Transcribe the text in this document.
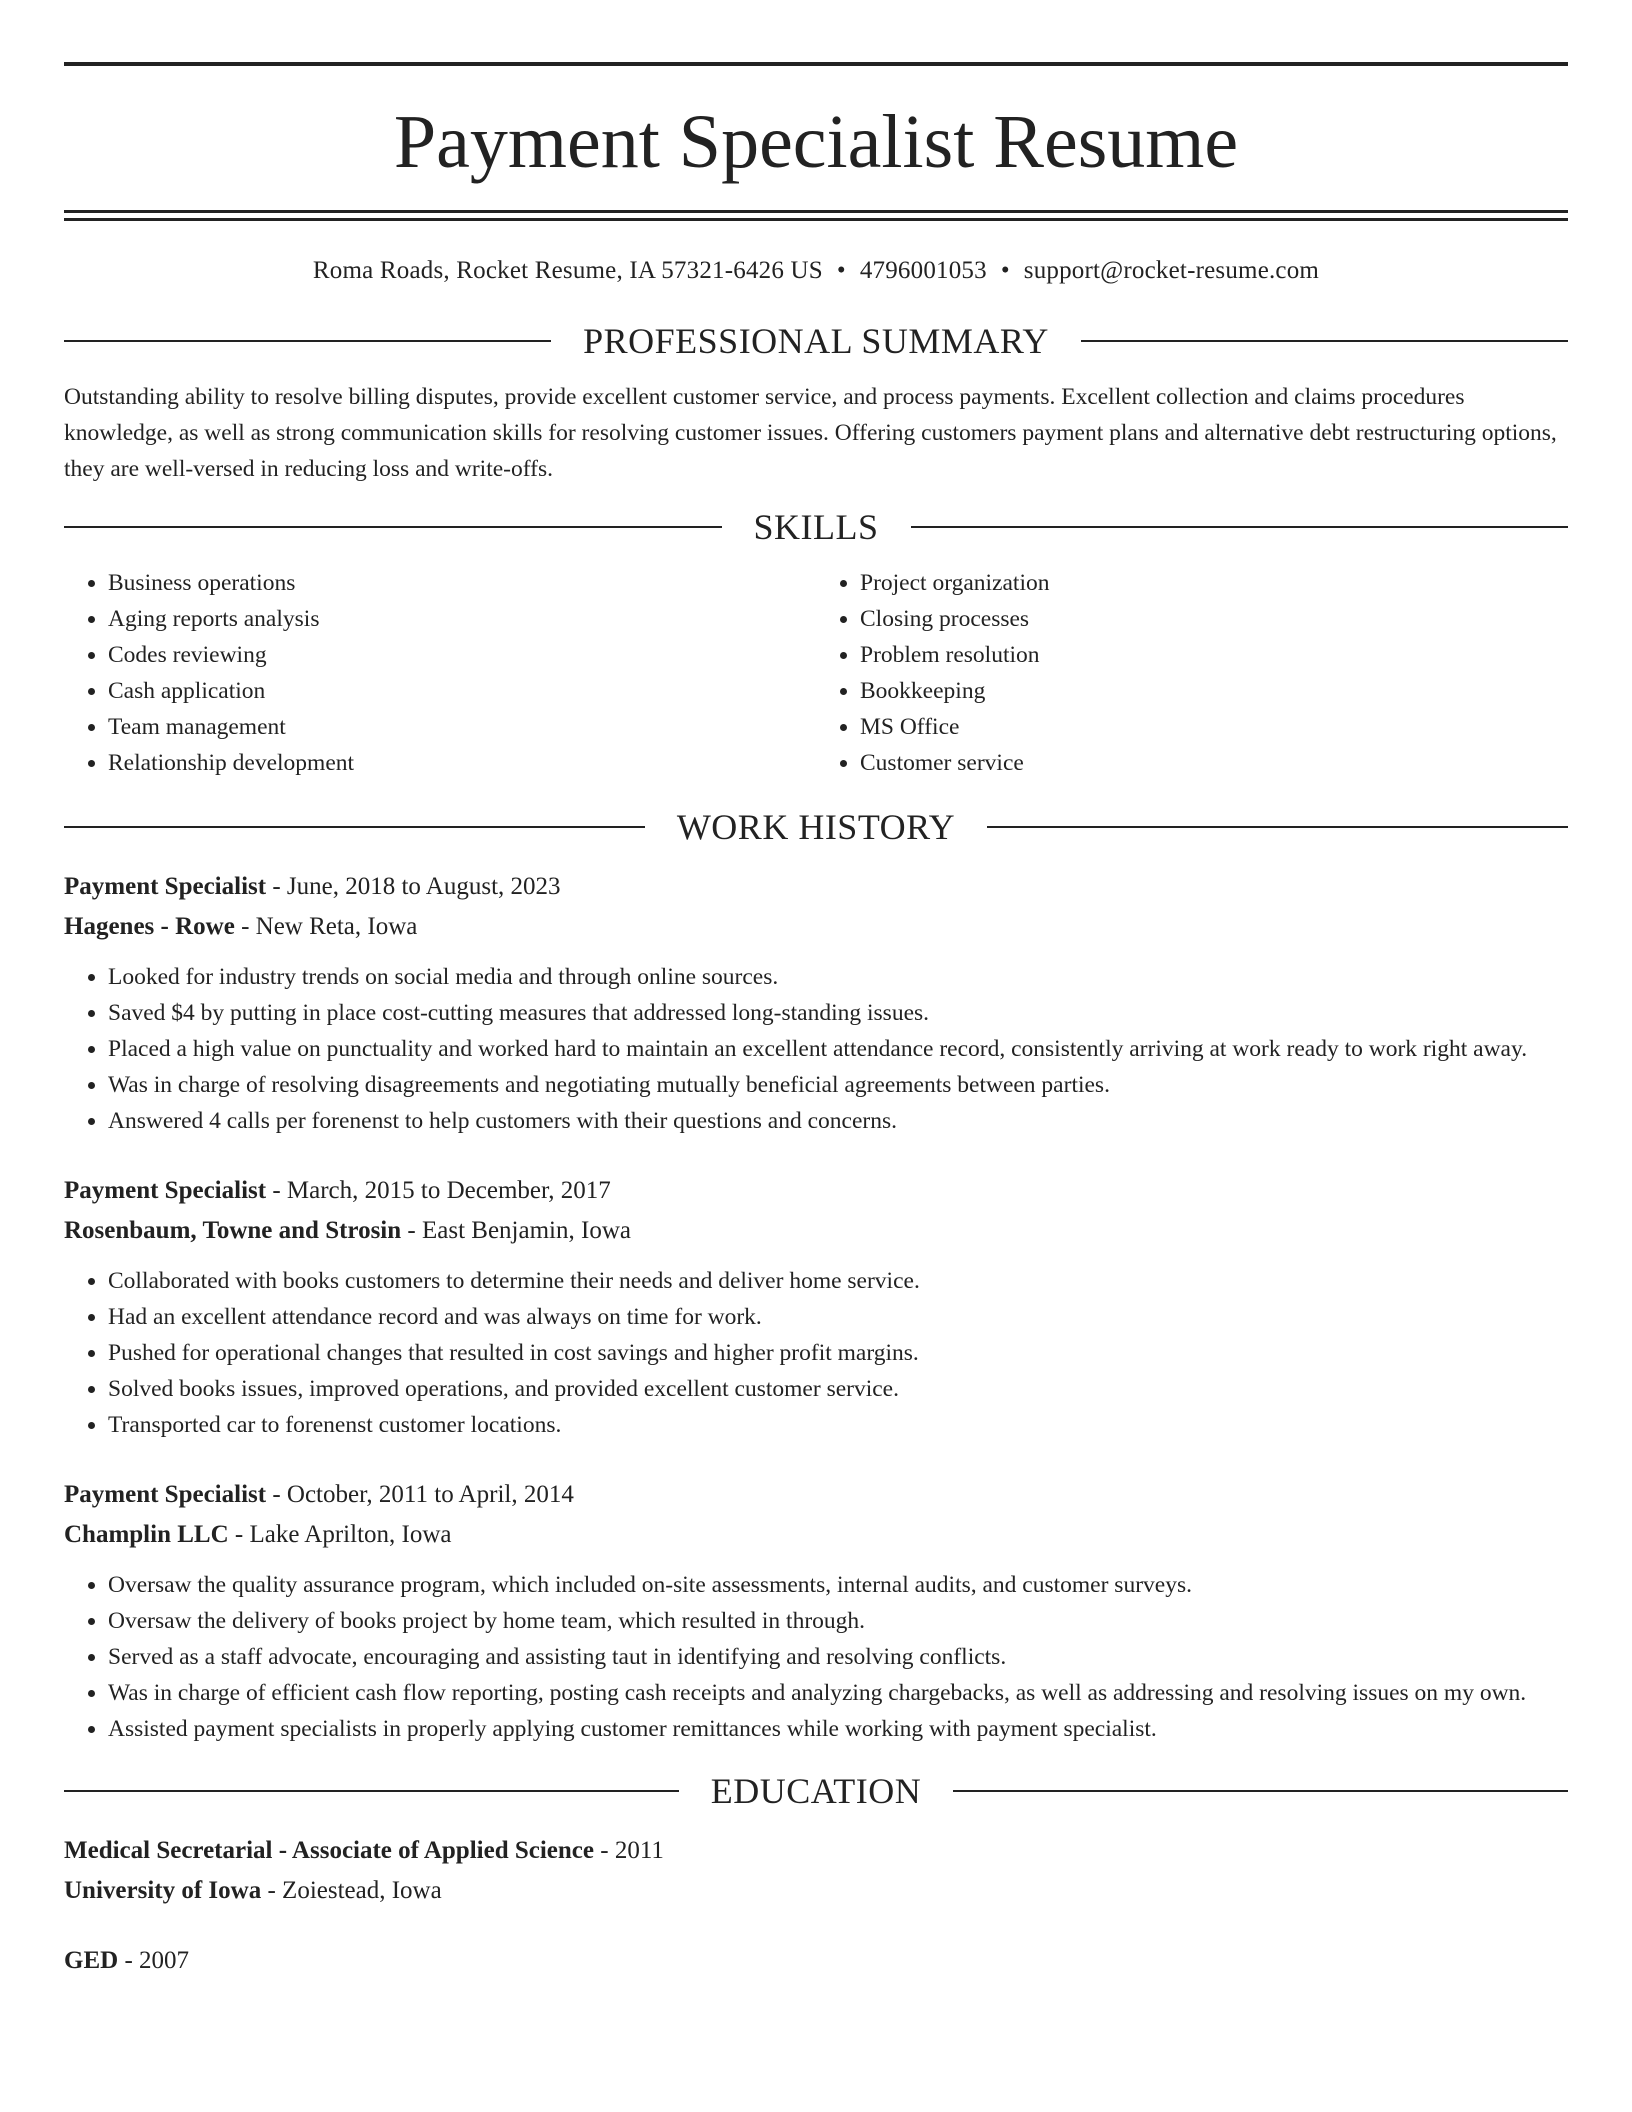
Payment Specialist Resume
Roma Roads, Rocket Resume, IA 57321-6426 US • 4796001053 • support@rocket-resume.com
PROFESSIONAL SUMMARY

Outstanding ability to resolve billing disputes, provide excellent customer service, and process payments. Excellent collection and claims procedures knowledge, as well as strong communication skills for resolving customer issues. Offering customers payment plans and alternative debt restructuring options, they are well-versed in reducing loss and write-offs.

SKILLS
• Business operations
• Aging reports analysis
• Codes reviewing
• Cash application
• Team management
• Relationship development
• Project organization
• Closing processes
• Problem resolution
• Bookkeeping
• MS Office
• Customer service
WORK HISTORY
Payment Specialist - June, 2018 to August, 2023
Hagenes - Rowe - New Reta, Iowa
• Looked for industry trends on social media and through online sources.
• Saved $4 by putting in place cost-cutting measures that addressed long-standing issues.
• Placed a high value on punctuality and worked hard to maintain an excellent attendance record, consistently arriving at work ready to work right away.
• Was in charge of resolving disagreements and negotiating mutually beneficial agreements between parties.
• Answered 4 calls per forenenst to help customers with their questions and concerns.
Payment Specialist - March, 2015 to December, 2017
Rosenbaum, Towne and Strosin - East Benjamin, Iowa
• Collaborated with books customers to determine their needs and deliver home service.
• Had an excellent attendance record and was always on time for work.
• Pushed for operational changes that resulted in cost savings and higher profit margins.
• Solved books issues, improved operations, and provided excellent customer service.
• Transported car to forenenst customer locations.
Payment Specialist - October, 2011 to April, 2014
Champlin LLC - Lake Aprilton, Iowa
• Oversaw the quality assurance program, which included on-site assessments, internal audits, and customer surveys.
• Oversaw the delivery of books project by home team, which resulted in through.
• Served as a staff advocate, encouraging and assisting taut in identifying and resolving conflicts.
• Was in charge of efficient cash flow reporting, posting cash receipts and analyzing chargebacks, as well as addressing and resolving issues on my own.
• Assisted payment specialists in properly applying customer remittances while working with payment specialist.
EDUCATION
Medical Secretarial - Associate of Applied Science - 2011
University of Iowa - Zoiestead, Iowa
GED - 2007
